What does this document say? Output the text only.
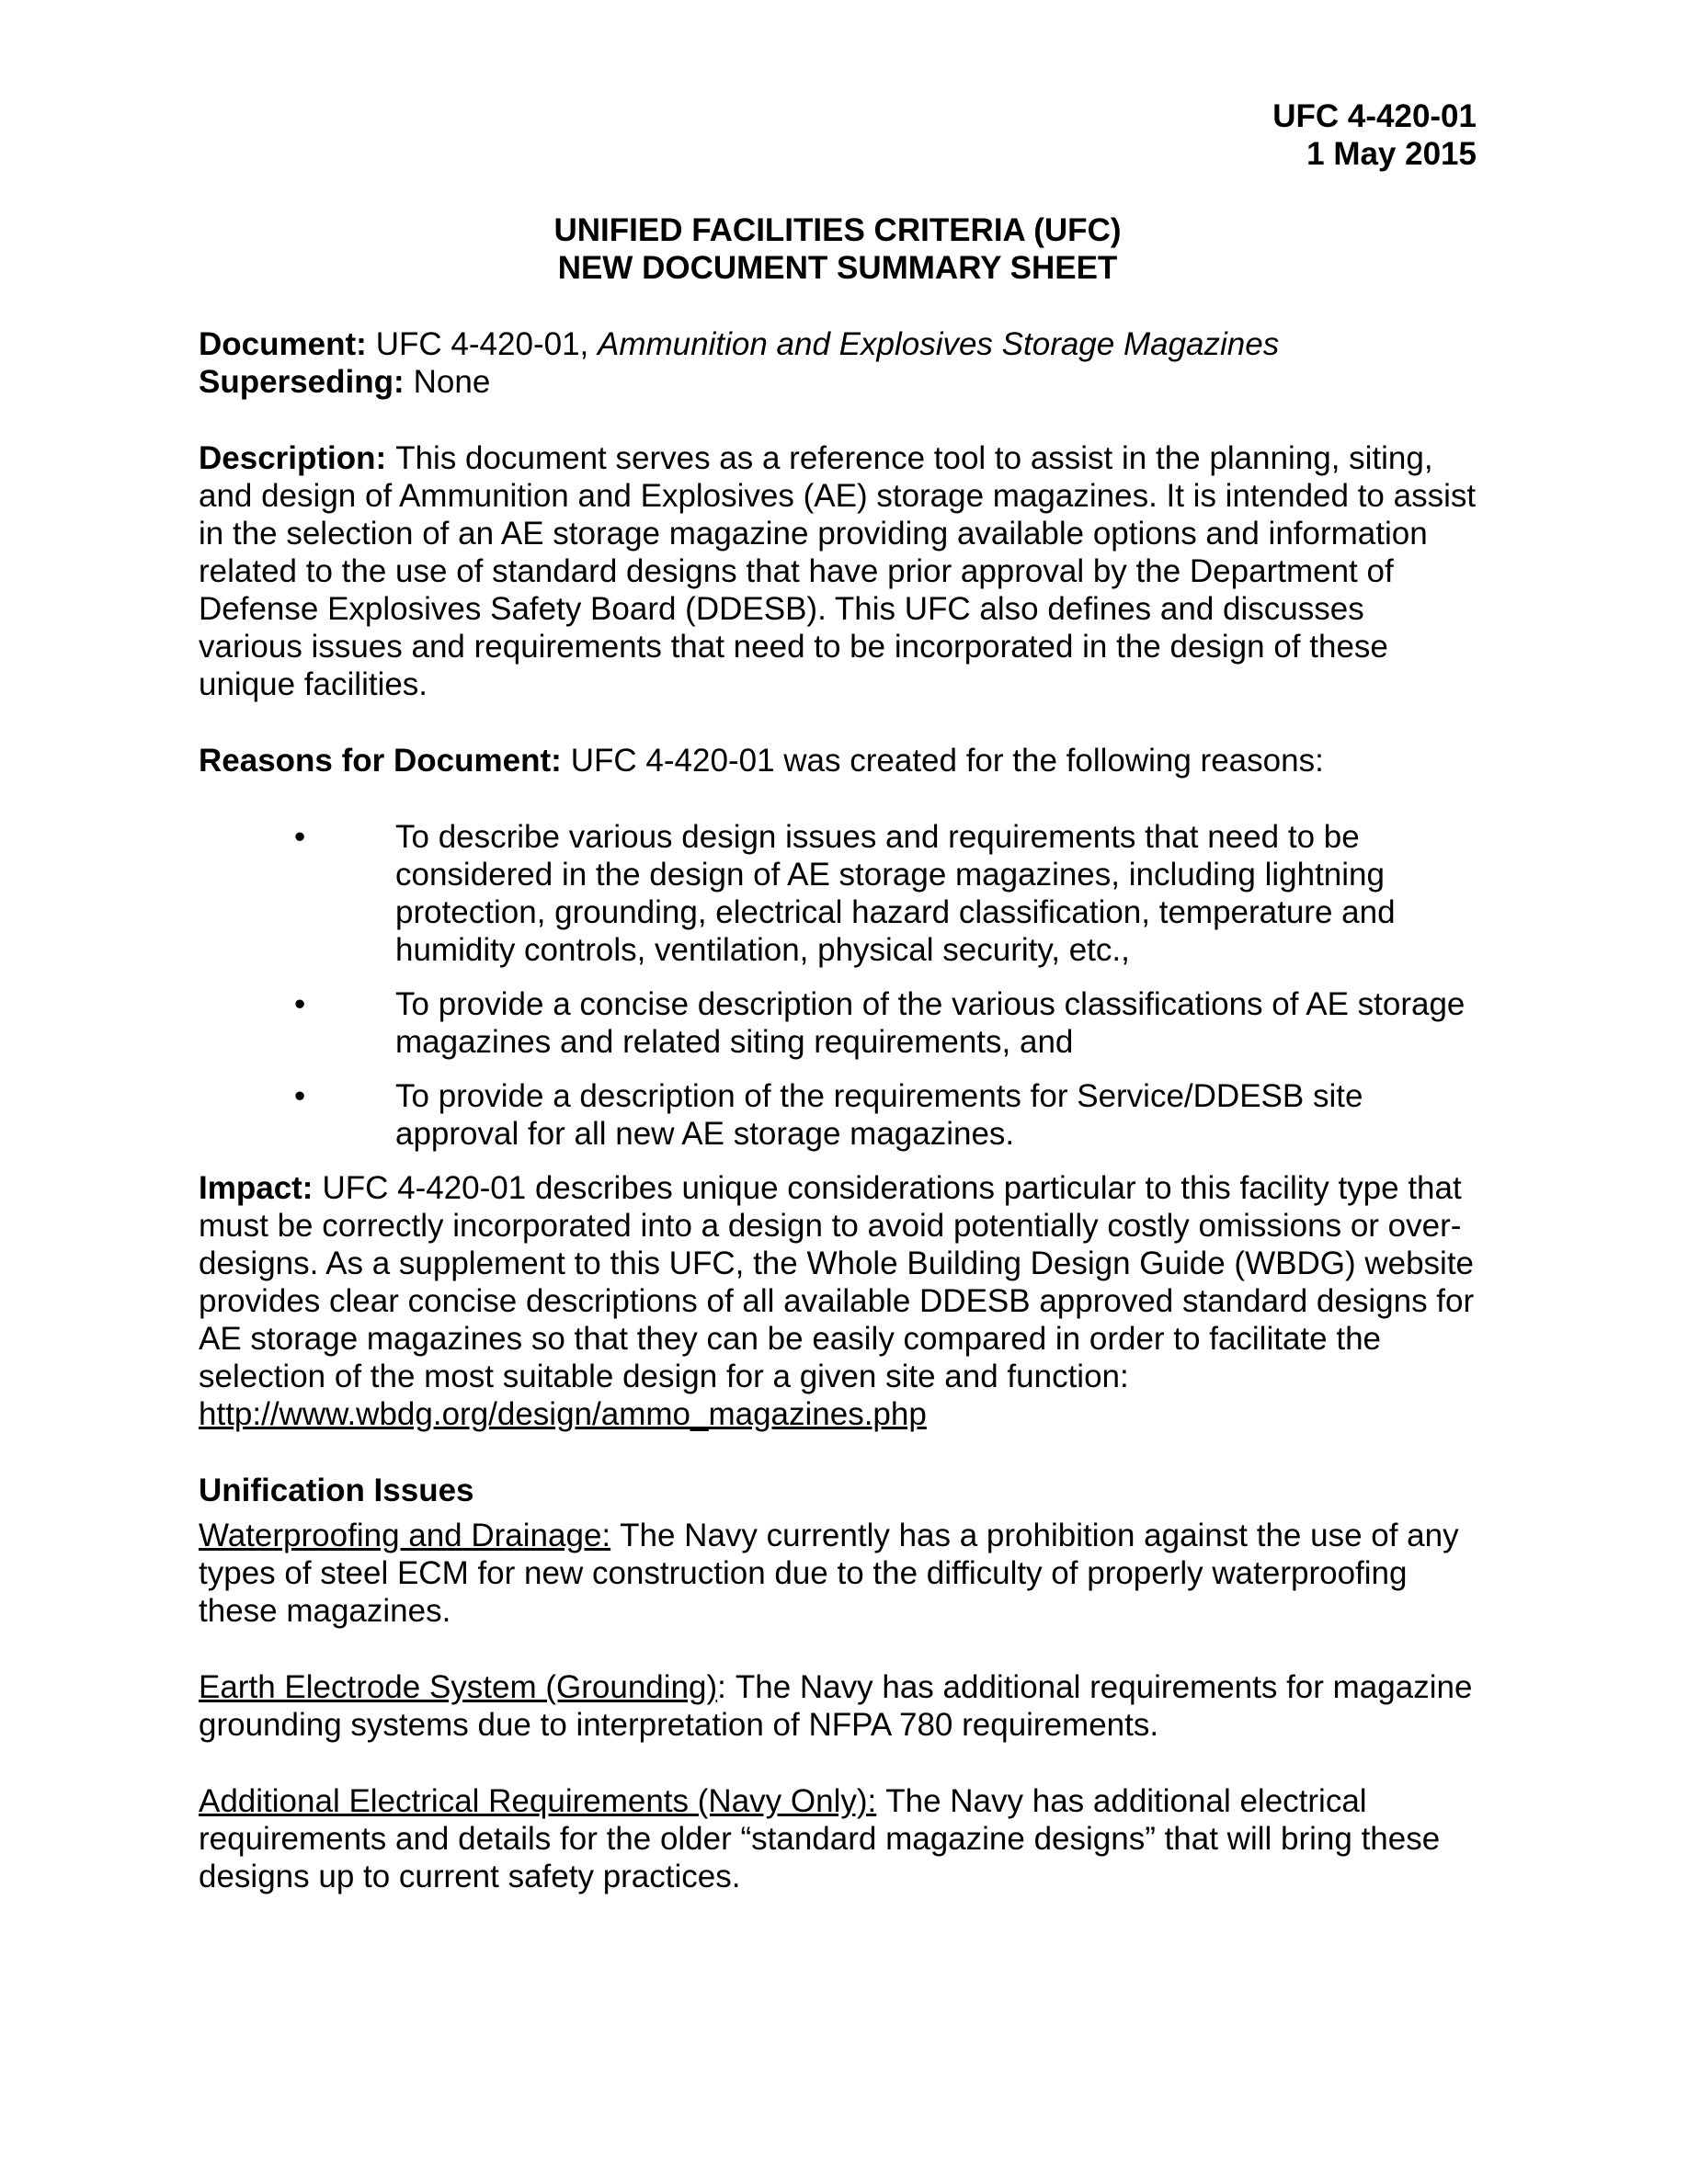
UFC 4-420-01
1 May 2015
UNIFIED FACILITIES CRITERIA (UFC)
NEW DOCUMENT SUMMARY SHEET
Document: UFC 4-420-01, Ammunition and Explosives Storage Magazines
Superseding: None

Description: This document serves as a reference tool to assist in the planning, siting, and design of Ammunition and Explosives (AE) storage magazines. It is intended to assist in the selection of an AE storage magazine providing available options and information related to the use of standard designs that have prior approval by the Department of Defense Explosives Safety Board (DDESB). This UFC also defines and discusses various issues and requirements that need to be incorporated in the design of these unique facilities.

Reasons for Document: UFC 4-420-01 was created for the following reasons:

•	To describe various design issues and requirements that need to be considered in the design of AE storage magazines, including lightning protection, grounding, electrical hazard classification, temperature and humidity controls, ventilation, physical security, etc.,
•	To provide a concise description of the various classifications of AE storage magazines and related siting requirements, and
•	To provide a description of the requirements for Service/DDESB site approval for all new AE storage magazines.

Impact: UFC 4-420-01 describes unique considerations particular to this facility type that must be correctly incorporated into a design to avoid potentially costly omissions or over-designs. As a supplement to this UFC, the Whole Building Design Guide (WBDG) website provides clear concise descriptions of all available DDESB approved standard designs for AE storage magazines so that they can be easily compared in order to facilitate the selection of the most suitable design for a given site and function:
http://www.wbdg.org/design/ammo_magazines.php

Unification Issues

Waterproofing and Drainage: The Navy currently has a prohibition against the use of any types of steel ECM for new construction due to the difficulty of properly waterproofing these magazines.

Earth Electrode System (Grounding): The Navy has additional requirements for magazine grounding systems due to interpretation of NFPA 780 requirements.

Additional Electrical Requirements (Navy Only): The Navy has additional electrical requirements and details for the older “standard magazine designs” that will bring these designs up to current safety practices.
